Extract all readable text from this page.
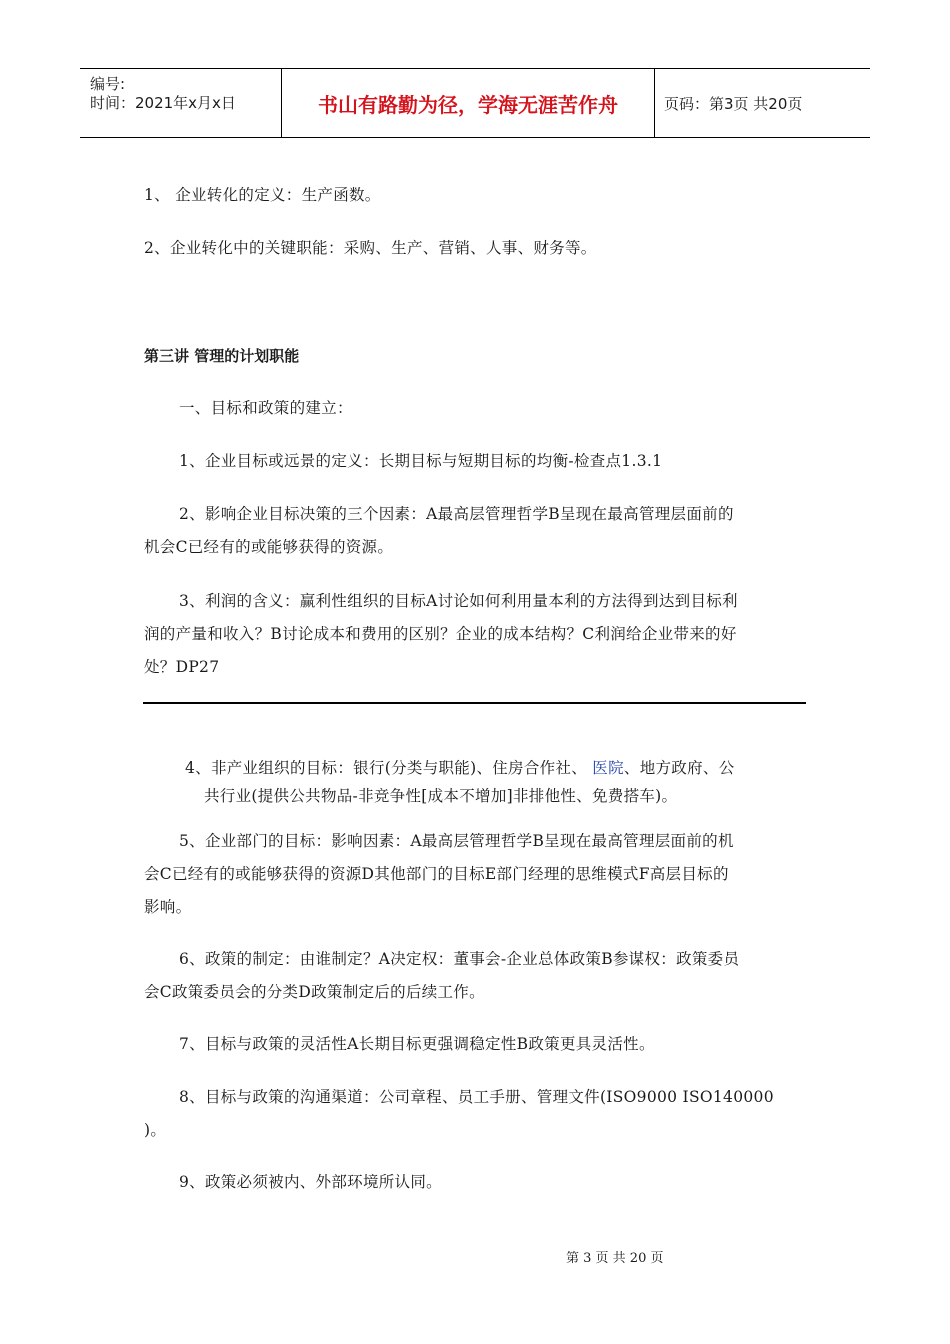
编号:
时间：2021年x月x日	书山有路勤为径，学海无涯苦作舟	页码：第3页 共20页
1、 企业转化的定义：生产函数。
2、企业转化中的关键职能：采购、生产、营销、人事、财务等。
第三讲 管理的计划职能
一、目标和政策的建立：
1、企业目标或远景的定义：长期目标与短期目标的均衡-检查点1.3.1
2、影响企业目标决策的三个因素：A最高层管理哲学B呈现在最高管理层面前的
机会C已经有的或能够获得的资源。
3、利润的含义：赢利性组织的目标A讨论如何利用量本利的方法得到达到目标利
润的产量和收入？B讨论成本和费用的区别？企业的成本结构？C利润给企业带来的好
处？DP27
4、非产业组织的目标：银行(分类与职能)、住房合作社、 医院、地方政府、公
共行业(提供公共物品-非竞争性[成本不增加]非排他性、免费搭车)。
5、企业部门的目标：影响因素：A最高层管理哲学B呈现在最高管理层面前的机
会C已经有的或能够获得的资源D其他部门的目标E部门经理的思维模式F高层目标的
影响。
6、政策的制定：由谁制定？A决定权：董事会-企业总体政策B参谋权：政策委员
会C政策委员会的分类D政策制定后的后续工作。
7、目标与政策的灵活性A长期目标更强调稳定性B政策更具灵活性。
8、目标与政策的沟通渠道：公司章程、员工手册、管理文件(ISO9000 ISO140000
)。
9、政策必须被内、外部环境所认同。
第 3 页 共 20 页
